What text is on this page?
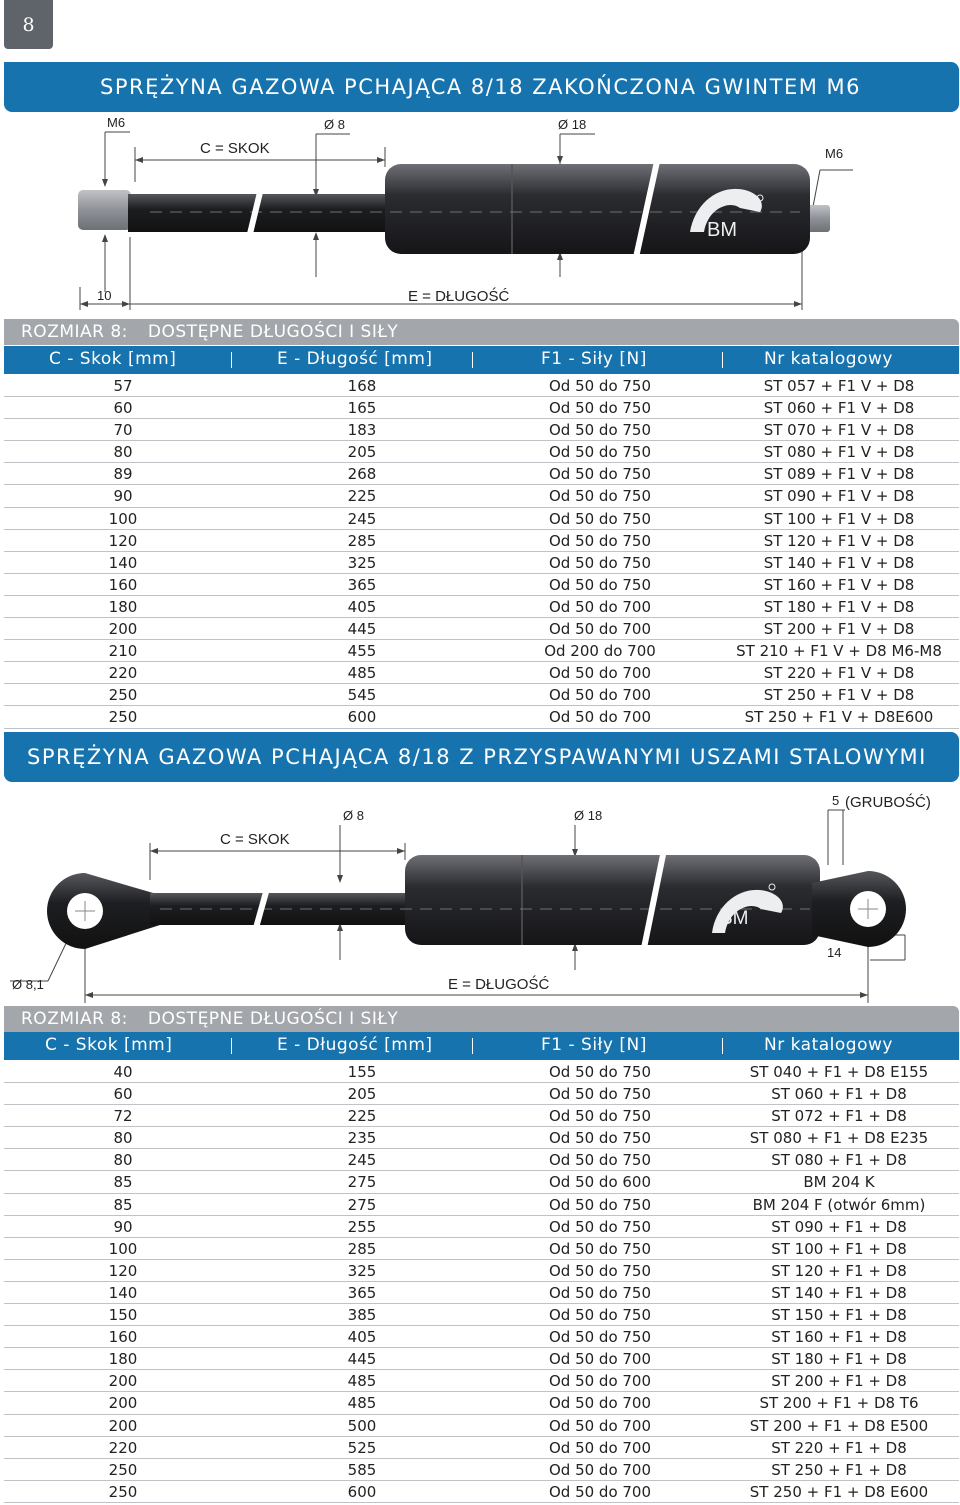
8
SPRĘŻYNA GAZOWA PCHAJĄCA 8/18 ZAKOŃCZONA GWINTEM M6
BM
M6
M6
Ø 8	Ø 18
C = SKOK
E = DŁUGOŚĆ
10
ROZMIAR 8: DOSTĘPNE DŁUGOŚCI I SIŁY
C - Skok [mm]	E - Długość [mm]	F1 - Siły [N]	Nr katalogowy
57	168	Od 50 do 750	ST 057 + F1 V + D8
60	165	Od 50 do 750	ST 060 + F1 V + D8
70	183	Od 50 do 750	ST 070 + F1 V + D8
80	205	Od 50 do 750	ST 080 + F1 V + D8
89	268	Od 50 do 750	ST 089 + F1 V + D8
90	225	Od 50 do 750	ST 090 + F1 V + D8
100	245	Od 50 do 750	ST 100 + F1 V + D8
120	285	Od 50 do 750	ST 120 + F1 V + D8
140	325	Od 50 do 750	ST 140 + F1 V + D8
160	365	Od 50 do 750	ST 160 + F1 V + D8
180	405	Od 50 do 700	ST 180 + F1 V + D8
200	445	Od 50 do 700	ST 200 + F1 V + D8
210	455	Od 200 do 700	ST 210 + F1 V + D8 M6-M8
220	485	Od 50 do 700	ST 220 + F1 V + D8
250	545	Od 50 do 700	ST 250 + F1 V + D8
250	600	Od 50 do 700	ST 250 + F1 V + D8E600
SPRĘŻYNA GAZOWA PCHAJĄCA 8/18 Z PRZYSPAWANYMI USZAMI STALOWYMI
BM
Ø 8	Ø 18
C = SKOK
5 (GRUBOŚĆ)
14
Ø 8,1	E = DŁUGOŚĆ
ROZMIAR 8: DOSTĘPNE DŁUGOŚCI I SIŁY
C - Skok [mm]	E - Długość [mm]	F1 - Siły [N]	Nr katalogowy
40	155	Od 50 do 750	ST 040 + F1 + D8 E155
60	205	Od 50 do 750	ST 060 + F1 + D8
72	225	Od 50 do 750	ST 072 + F1 + D8
80	235	Od 50 do 750	ST 080 + F1 + D8 E235
80	245	Od 50 do 750	ST 080 + F1 + D8
85	275	Od 50 do 600	BM 204 K
85	275	Od 50 do 750	BM 204 F (otwór 6mm)
90	255	Od 50 do 750	ST 090 + F1 + D8
100	285	Od 50 do 750	ST 100 + F1 + D8
120	325	Od 50 do 750	ST 120 + F1 + D8
140	365	Od 50 do 750	ST 140 + F1 + D8
150	385	Od 50 do 750	ST 150 + F1 + D8
160	405	Od 50 do 750	ST 160 + F1 + D8
180	445	Od 50 do 700	ST 180 + F1 + D8
200	485	Od 50 do 700	ST 200 + F1 + D8
200	485	Od 50 do 700	ST 200 + F1 + D8 T6
200	500	Od 50 do 700	ST 200 + F1 + D8 E500
220	525	Od 50 do 700	ST 220 + F1 + D8
250	585	Od 50 do 700	ST 250 + F1 + D8
250	600	Od 50 do 700	ST 250 + F1 + D8 E600
